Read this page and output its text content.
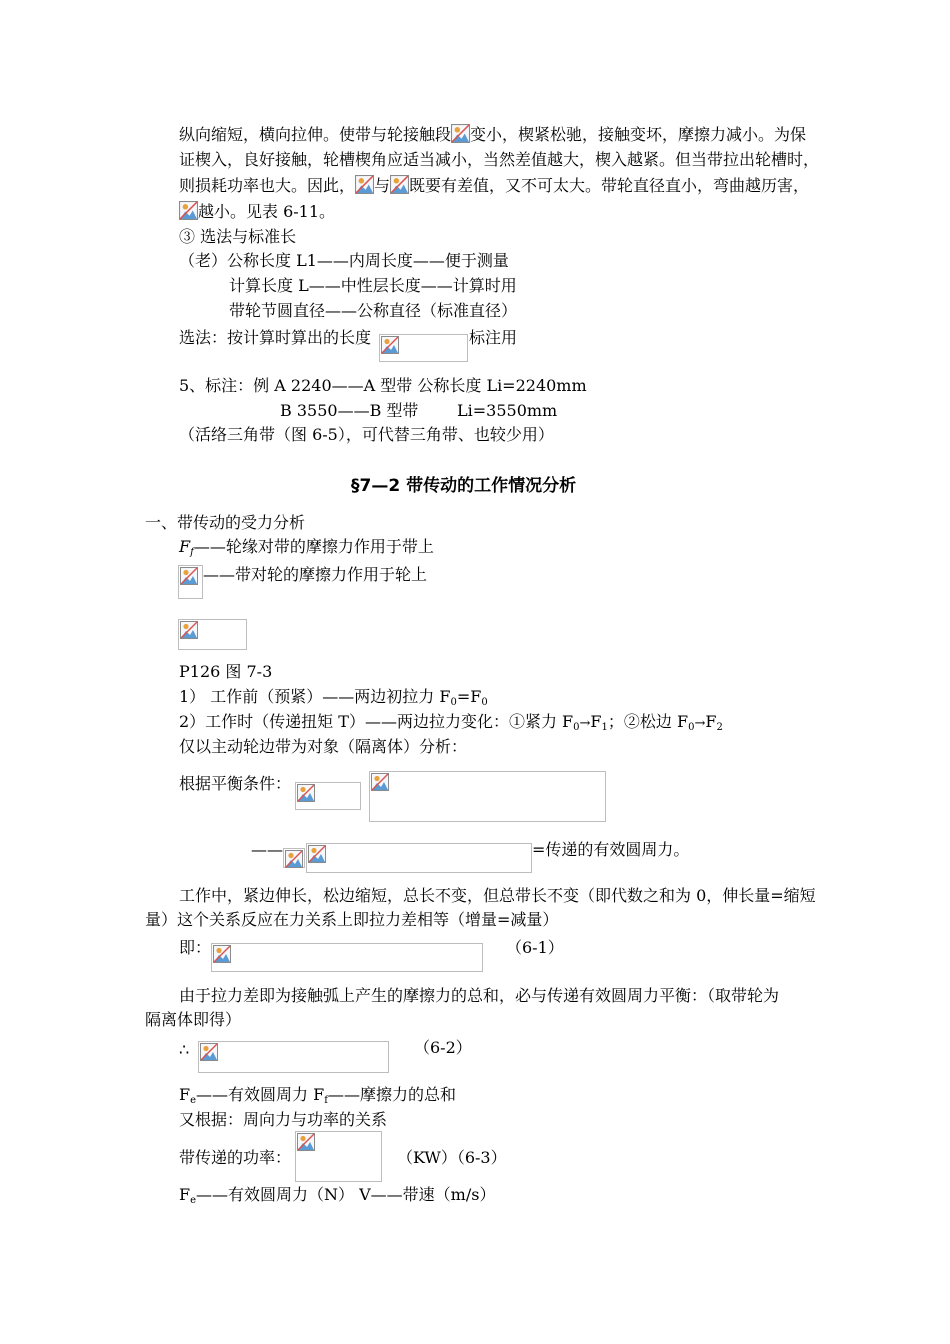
纵向缩短，横向拉伸。使带与轮接触段 变小，楔紧松驰，接触变坏，摩擦力减小。为保
证楔入，良好接触，轮槽楔角应适当减小，当然差值越大，楔入越紧。但当带拉出轮槽时，
则损耗功率也大。因此， 与 既要有差值，又不可太大。带轮直径直小，弯曲越历害，
越小。见表 6-11。
③ 选法与标准长
（老）公称长度 L1——内周长度——便于测量
计算长度 L——中性层长度——计算时用
带轮节圆直径——公称直径（标准直径）
选法：按计算时算出的长度	标注用
5、标注：例 A 2240——A 型带 公称长度 Li=2240mm
B 3550——B 型带 Li=3550mm
（活络三角带（图 6-5），可代替三角带、也较少用）
§7—2 带传动的工作情况分析
一、带传动的受力分析
$F_f——$轮缘对带的摩擦力作用于带上
——带对轮的摩擦力作用于轮上
P126 图 7-3
1） 工作前（预紧）——两边初拉力 $F_0=F_0$
2）工作时（传递扭矩 T）——两边拉力变化：①紧力 $F_0\to F_1$；②松边 $F_0\to F_2$
仅以主动轮边带为对象（隔离体）分析：
根据平衡条件：
——	=传递的有效圆周力。
工作中，紧边伸长，松边缩短，总长不变，但总带长不变（即代数之和为 0，伸长量=缩短
量）这个关系反应在力关系上即拉力差相等（增量=减量）
即：	（6-1）
由于拉力差即为接触弧上产生的摩擦力的总和，必与传递有效圆周力平衡：（取带轮为
隔离体即得）
∴	（6-2）
$F_e——$有效圆周力 $F_f——$摩擦力的总和
又根据：周向力与功率的关系
带传递的功率：	（KW）（6-3）
$F_e——$有效圆周力（N） V——带速（m/s）
